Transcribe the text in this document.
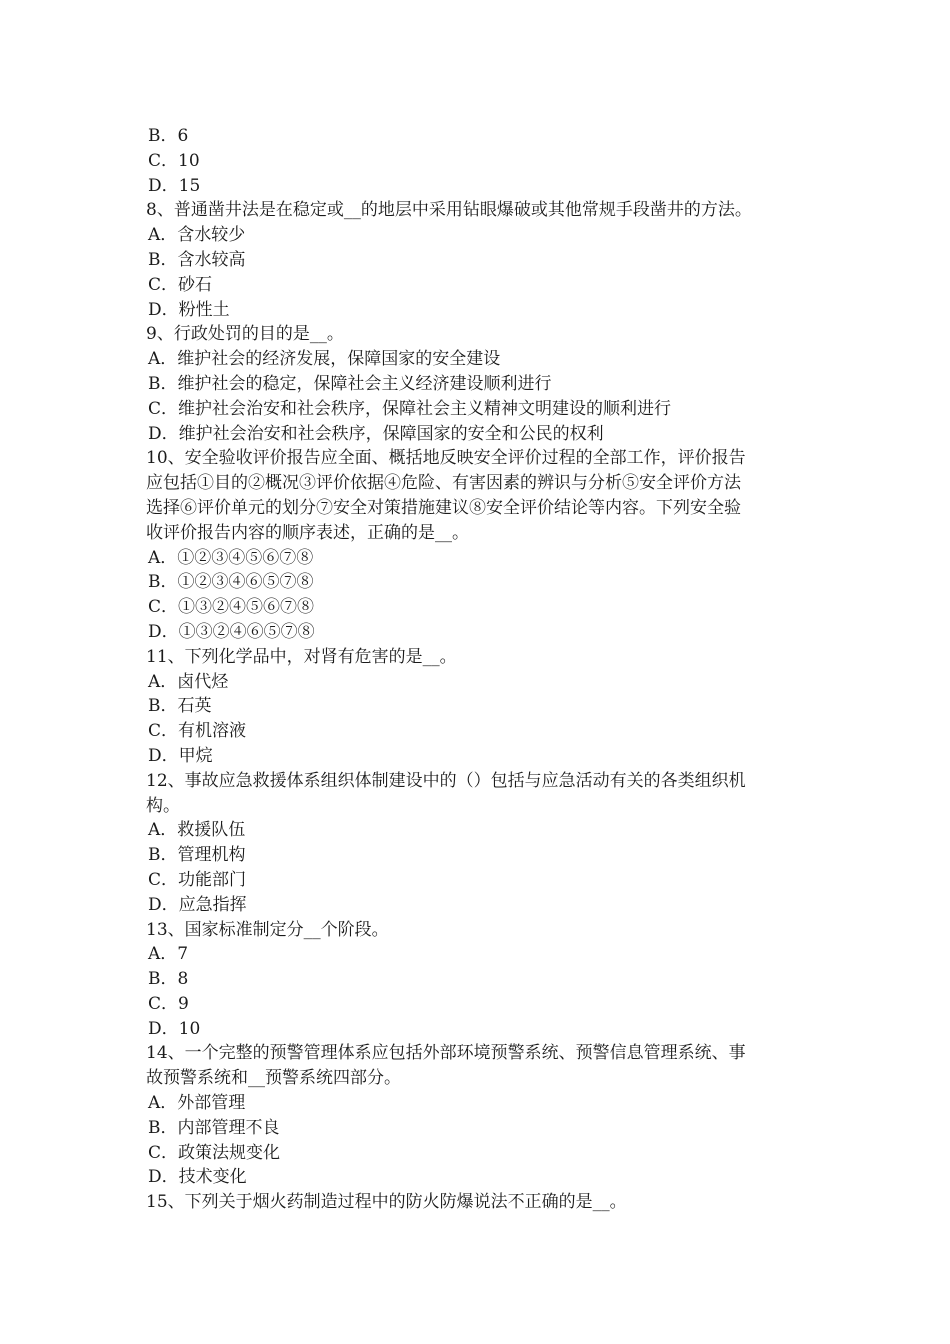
B．6
C．10
D．15
8、普通凿井法是在稳定或__的地层中采用钻眼爆破或其他常规手段凿井的方法。
A．含水较少
B．含水较高
C．砂石
D．粉性土
9、行政处罚的目的是__。
A．维护社会的经济发展，保障国家的安全建设
B．维护社会的稳定，保障社会主义经济建设顺利进行
C．维护社会治安和社会秩序，保障社会主义精神文明建设的顺利进行
D．维护社会治安和社会秩序，保障国家的安全和公民的权利
10、安全验收评价报告应全面、概括地反映安全评价过程的全部工作，评价报告
应包括①目的②概况③评价依据④危险、有害因素的辨识与分析⑤安全评价方法
选择⑥评价单元的划分⑦安全对策措施建议⑧安全评价结论等内容。下列安全验
收评价报告内容的顺序表述，正确的是__。
A．①②③④⑤⑥⑦⑧
B．①②③④⑥⑤⑦⑧
C．①③②④⑤⑥⑦⑧
D．①③②④⑥⑤⑦⑧
11、下列化学品中，对肾有危害的是__。
A．卤代烃
B．石英
C．有机溶液
D．甲烷
12、事故应急救援体系组织体制建设中的（）包括与应急活动有关的各类组织机
构。
A．救援队伍
B．管理机构
C．功能部门
D．应急指挥
13、国家标准制定分__个阶段。
A．7
B．8
C．9
D．10
14、一个完整的预警管理体系应包括外部环境预警系统、预警信息管理系统、事
故预警系统和__预警系统四部分。
A．外部管理
B．内部管理不良
C．政策法规变化
D．技术变化
15、下列关于烟火药制造过程中的防火防爆说法不正确的是__。
